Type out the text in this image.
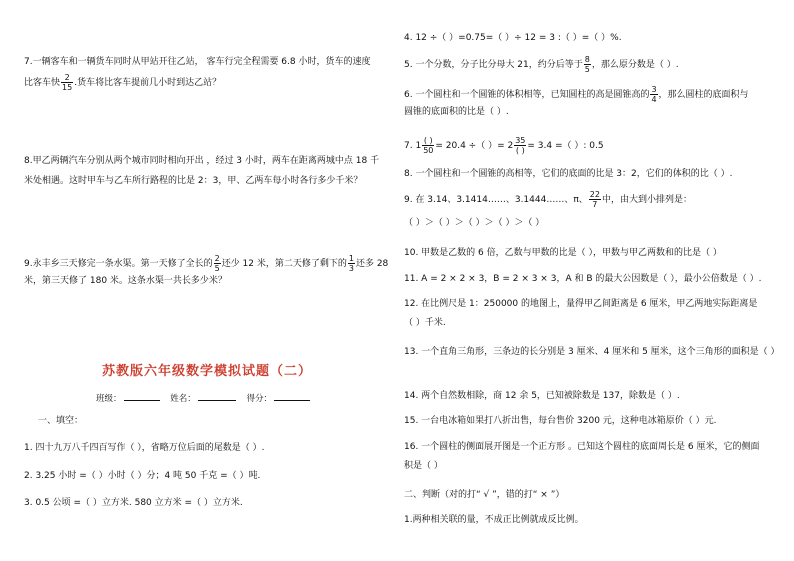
7.一辆客车和一辆货车同时从甲站开往乙站， 客车行完全程需要 6.8 小时，货车的速度
比客车快 $\frac{2}{15}$ .货车将比客车提前几小时到达乙站？
8.甲乙两辆汽车分别从两个城市同时相向开出 ，经过 3 小时，两车在距离两城中点 18 千
米处相遇。这时甲车与乙车所行路程的比是 2：3，甲、乙两车每小时各行多少千米？
9.永丰乡三天修完一条水渠。第一天修了全长的 $\frac{2}{5}$ 还少 12 米，第二天修了剩下的 $\frac{1}{3}$ 还多 28
米，第三天修了 180 米。这条水渠一共长多少米？
苏教版六年级数学模拟试题（二）
班级：	姓名：	得分：
一、填空：
1. 四十九万八千四百写作（ ），省略万位后面的尾数是（ ）.
2. 3.25 小时 =（ ）小时（ ）分；4 吨 50 千克 =（ ）吨.
3. 0.5 公顷 =（ ）立方米. 580 立方米 =（ ）立方米.
4. 12 ÷（ ）=0.75=（ ）÷ 12 = 3 :（ ）=（ ）%.
5. 一个分数，分子比分母大 21，约分后等于 $\frac{8}{5}$ ，那么原分数是（ ）.
6. 一个圆柱和一个圆锥的体积相等，已知圆柱的高是圆锥高的 $\frac{3}{4}$ ，那么圆柱的底面积与
圆锥的底面积的比是（ ）.
7. $1 \frac{( )}{50} = 20.4$ ÷（ ）= $2 \frac{35}{( )} = 3.4$ =（ ）: 0.5
8. 一个圆柱和一个圆锥的高相等，它们的底面的比是 3：2，它们的体积的比（ ）.
9. 在 3.14、3.1414……、3.1444……、π、 $\frac{22}{7}$ 中，由大到小排列是：
（ ）＞（ ）＞（ ）＞（ ）＞（ ）
10. 甲数是乙数的 6 倍，乙数与甲数的比是（ ），甲数与甲乙两数和的比是（ ）
11. A = 2 × 2 × 3，B = 2 × 3 × 3，A 和 B 的最大公因数是（ ），最小公倍数是（ ）.
12. 在比例尺是 1：250000 的地图上，量得甲乙间距离是 6 厘米，甲乙两地实际距离是
（ ）千米.
13. 一个直角三角形，三条边的长分别是 3 厘米、4 厘米和 5 厘米，这个三角形的面积是（ ）
14. 两个自然数相除，商 12 余 5，已知被除数是 137，除数是（ ）.
15. 一台电冰箱如果打八折出售，每台售价 3200 元，这种电冰箱原价（ ）元.
16. 一个圆柱的侧面展开图是一个正方形 。已知这个圆柱的底面周长是 6 厘米，它的侧面
积是（ ）
二、判断（对的打“ √ ”，错的打“ × ”）
1.两种相关联的量，不成正比例就成反比例。
